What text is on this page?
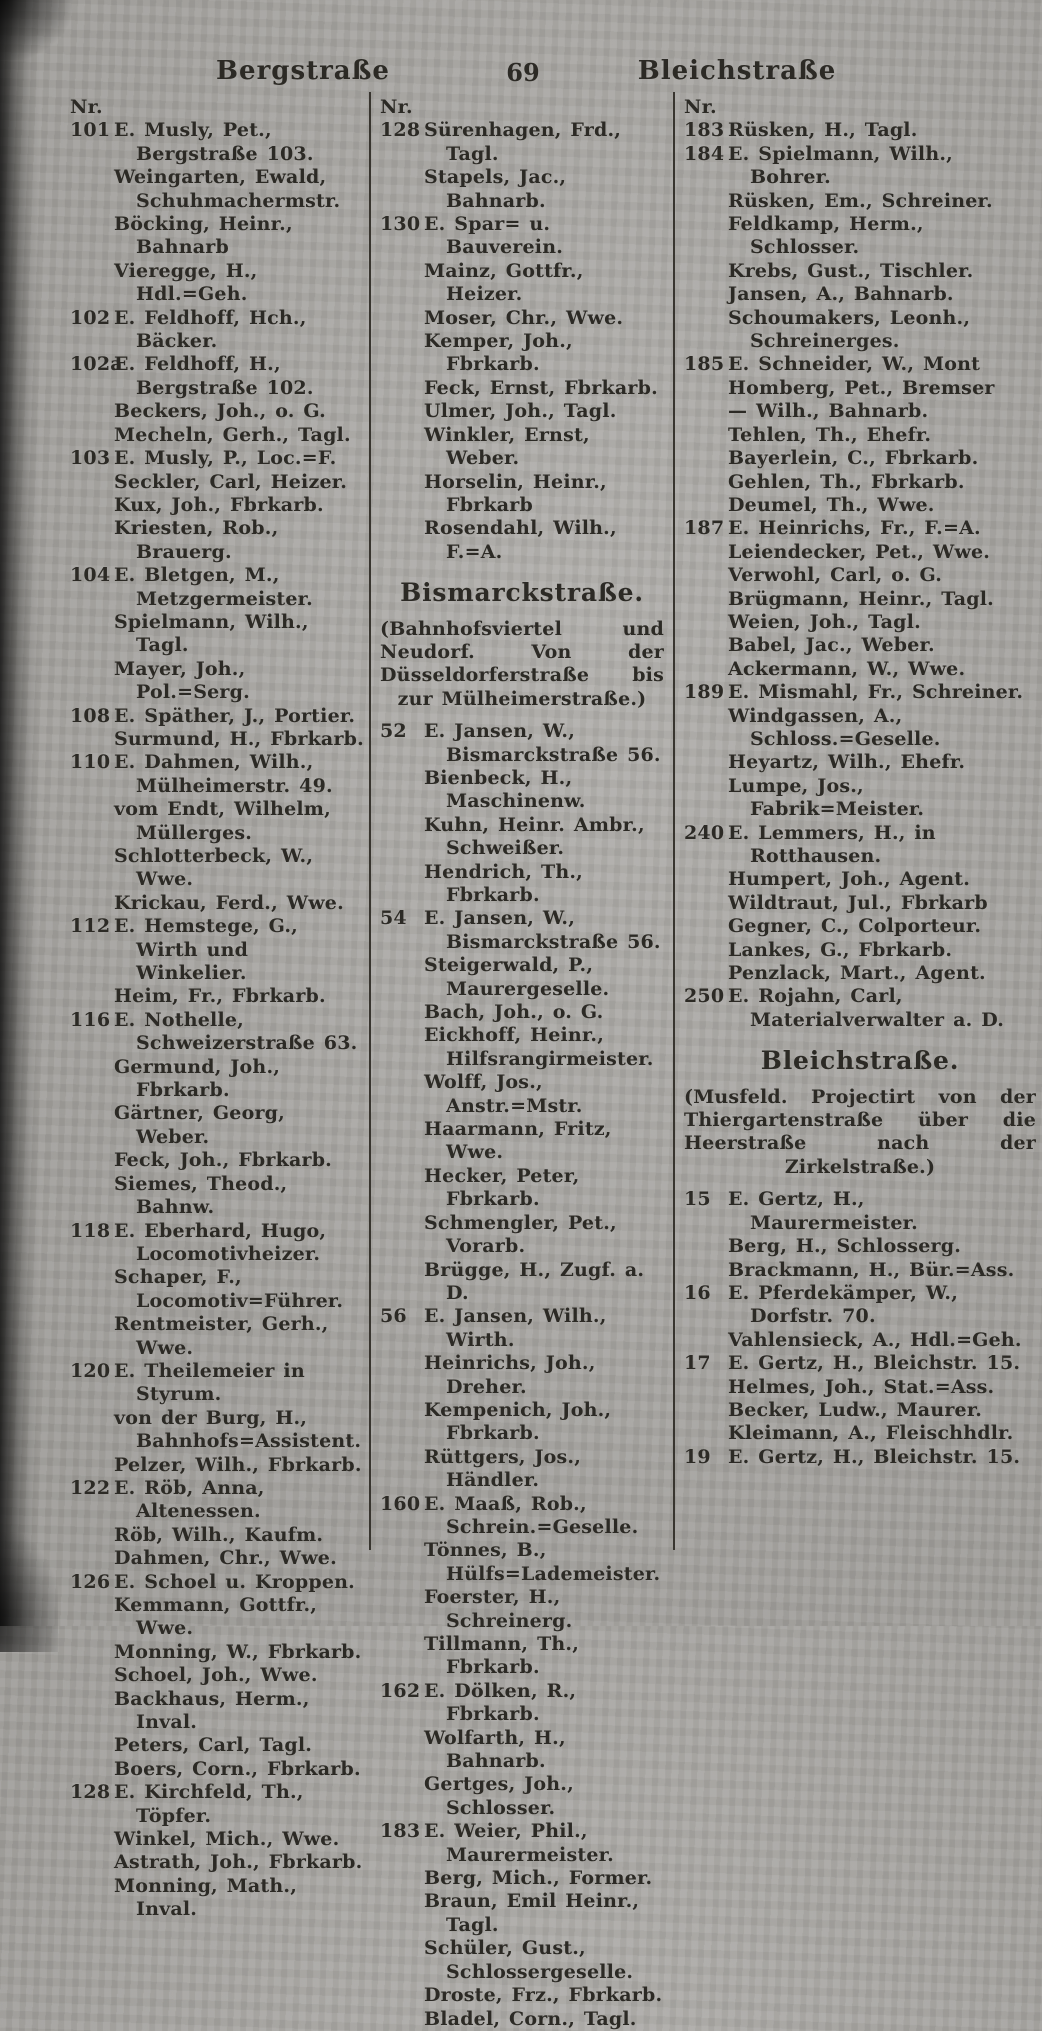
Bergstraße	69	Bleichstraße
Nr.
101 E. Musly, Pet., Bergstraße 103.
Weingarten, Ewald, Schuhmachermstr.
Böcking, Heinr., Bahnarb
Vieregge, H., Hdl.=Geh.
102 E. Feldhoff, Hch., Bäcker.
102aE. Feldhoff, H., Bergstraße 102.
Beckers, Joh., o. G.
Mecheln, Gerh., Tagl.
103 E. Musly, P., Loc.=F.
Seckler, Carl, Heizer.
Kux, Joh., Fbrkarb.
Kriesten, Rob., Brauerg.
104 E. Bletgen, M., Metzgermeister.
Spielmann, Wilh., Tagl.
Mayer, Joh., Pol.=Serg.
108 E. Späther, J., Portier.
Surmund, H., Fbrkarb.
110 E. Dahmen, Wilh., Mülheimerstr. 49.
vom Endt, Wilhelm, Müllerges.
Schlotterbeck, W., Wwe.
Krickau, Ferd., Wwe.
112 E. Hemstege, G., Wirth und Winkelier.
Heim, Fr., Fbrkarb.
116 E. Nothelle, Schweizerstraße 63.
Germund, Joh., Fbrkarb.
Gärtner, Georg, Weber.
Feck, Joh., Fbrkarb.
Siemes, Theod., Bahnw.
118 E. Eberhard, Hugo, Locomotivheizer.
Schaper, F., Locomotiv=Führer.
Rentmeister, Gerh., Wwe.
120 E. Theilemeier in Styrum.
von der Burg, H., Bahnhofs=Assistent.
Pelzer, Wilh., Fbrkarb.
122 E. Röb, Anna, Altenessen.
Röb, Wilh., Kaufm.
Dahmen, Chr., Wwe.
126 E. Schoel u. Kroppen.
Kemmann, Gottfr., Wwe.
Monning, W., Fbrkarb.
Schoel, Joh., Wwe.
Backhaus, Herm., Inval.
Peters, Carl, Tagl.
Boers, Corn., Fbrkarb.
128 E. Kirchfeld, Th., Töpfer.
Winkel, Mich., Wwe.
Astrath, Joh., Fbrkarb.
Monning, Math., Inval.
Nr.
128 Sürenhagen, Frd., Tagl.
Stapels, Jac., Bahnarb.
130 E. Spar= u. Bauverein.
Mainz, Gottfr., Heizer.
Moser, Chr., Wwe.
Kemper, Joh., Fbrkarb.
Feck, Ernst, Fbrkarb.
Ulmer, Joh., Tagl.
Winkler, Ernst, Weber.
Horselin, Heinr., Fbrkarb
Rosendahl, Wilh., F.=A.
Bismarckstraße.
(Bahnhofsviertel und Neudorf. Von der Düsseldorferstraße bis zur Mülheimerstraße.)
52 E. Jansen, W., Bismarckstraße 56.
Bienbeck, H., Maschinenw.
Kuhn, Heinr. Ambr., Schweißer.
Hendrich, Th., Fbrkarb.
54 E. Jansen, W., Bismarckstraße 56.
Steigerwald, P., Maurergeselle.
Bach, Joh., o. G.
Eickhoff, Heinr., Hilfsrangirmeister.
Wolff, Jos., Anstr.=Mstr.
Haarmann, Fritz, Wwe.
Hecker, Peter, Fbrkarb.
Schmengler, Pet., Vorarb.
Brügge, H., Zugf. a. D.
56 E. Jansen, Wilh., Wirth.
Heinrichs, Joh., Dreher.
Kempenich, Joh., Fbrkarb.
Rüttgers, Jos., Händler.
160 E. Maaß, Rob., Schrein.=Geselle.
Tönnes, B., Hülfs=Lademeister.
Foerster, H., Schreinerg.
Tillmann, Th., Fbrkarb.
162 E. Dölken, R., Fbrkarb.
Wolfarth, H., Bahnarb.
Gertges, Joh., Schlosser.
183 E. Weier, Phil., Maurermeister.
Berg, Mich., Former.
Braun, Emil Heinr., Tagl.
Schüler, Gust., Schlossergeselle.
Droste, Frz., Fbrkarb.
Bladel, Corn., Tagl.
Nr.
183 Rüsken, H., Tagl.
184 E. Spielmann, Wilh., Bohrer.
Rüsken, Em., Schreiner.
Feldkamp, Herm., Schlosser.
Krebs, Gust., Tischler.
Jansen, A., Bahnarb.
Schoumakers, Leonh., Schreinerges.
185 E. Schneider, W., Mont
Homberg, Pet., Bremser
— Wilh., Bahnarb.
Tehlen, Th., Ehefr.
Bayerlein, C., Fbrkarb.
Gehlen, Th., Fbrkarb.
Deumel, Th., Wwe.
187 E. Heinrichs, Fr., F.=A.
Leiendecker, Pet., Wwe.
Verwohl, Carl, o. G.
Brügmann, Heinr., Tagl.
Weien, Joh., Tagl.
Babel, Jac., Weber.
Ackermann, W., Wwe.
189 E. Mismahl, Fr., Schreiner.
Windgassen, A., Schloss.=Geselle.
Heyartz, Wilh., Ehefr.
Lumpe, Jos., Fabrik=Meister.
240 E. Lemmers, H., in Rotthausen.
Humpert, Joh., Agent.
Wildtraut, Jul., Fbrkarb
Gegner, C., Colporteur.
Lankes, G., Fbrkarb.
Penzlack, Mart., Agent.
250 E. Rojahn, Carl, Materialverwalter a. D.
Bleichstraße.
(Musfeld. Projectirt von der Thiergartenstraße über die Heerstraße nach der Zirkelstraße.)
15 E. Gertz, H., Maurermeister.
Berg, H., Schlosserg.
Brackmann, H., Bür.=Ass.
16 E. Pferdekämper, W., Dorfstr. 70.
Vahlensieck, A., Hdl.=Geh.
17 E. Gertz, H., Bleichstr. 15.
Helmes, Joh., Stat.=Ass.
Becker, Ludw., Maurer.
Kleimann, A., Fleischhdlr.
19 E. Gertz, H., Bleichstr. 15.
